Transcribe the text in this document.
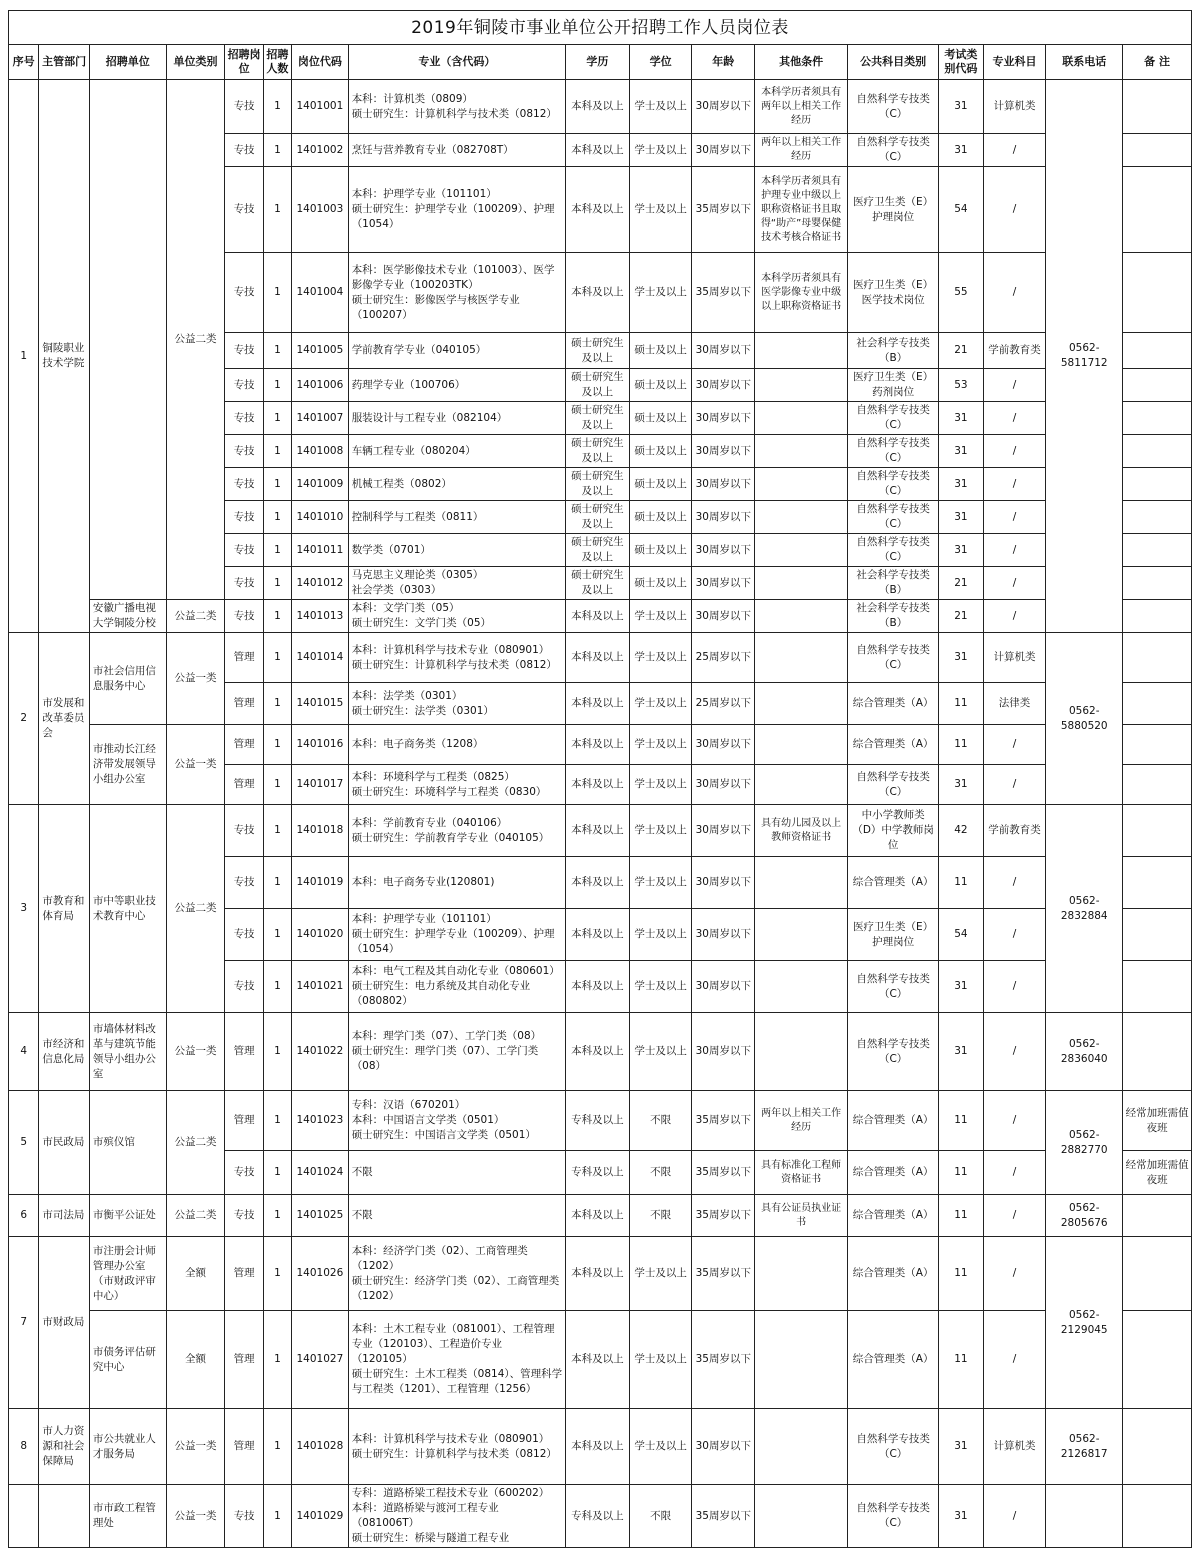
2019年铜陵市事业单位公开招聘工作人员岗位表
序号	主管部门	招聘单位	单位类别	招聘岗位	招聘人数	岗位代码	专业（含代码）	学历	学位	年龄	其他条件	公共科目类别	考试类别代码	专业科目	联系电话	备 注
1	铜陵职业技术学院		公益二类	专技	1	1401001	本科：计算机类（0809）
硕士研究生：计算机科学与技术类（0812）	本科及以上	学士及以上	30周岁以下	本科学历者须具有两年以上相关工作经历	自然科学专技类（C）	31	计算机类	0562-5811712	
				专技	1	1401002	烹饪与营养教育专业（082708T）	本科及以上	学士及以上	30周岁以下	两年以上相关工作经历	自然科学专技类（C）	31	/		
				专技	1	1401003	本科：护理学专业（101101）
硕士研究生：护理学专业（100209）、护理（1054）	本科及以上	学士及以上	35周岁以下	本科学历者须具有护理专业中级以上职称资格证书且取得“助产”母婴保健技术考核合格证书	医疗卫生类（E）护理岗位	54	/		
				专技	1	1401004	本科：医学影像技术专业（101003）、医学影像学专业（100203TK）
硕士研究生：影像医学与核医学专业（100207）	本科及以上	学士及以上	35周岁以下	本科学历者须具有医学影像专业中级以上职称资格证书	医疗卫生类（E）医学技术岗位	55	/		
				专技	1	1401005	学前教育学专业（040105）	硕士研究生及以上	硕士及以上	30周岁以下		社会科学专技类（B）	21	学前教育类		
				专技	1	1401006	药理学专业（100706）	硕士研究生及以上	硕士及以上	30周岁以下		医疗卫生类（E）药剂岗位	53	/		
				专技	1	1401007	服装设计与工程专业（082104）	硕士研究生及以上	硕士及以上	30周岁以下		自然科学专技类（C）	31	/		
				专技	1	1401008	车辆工程专业（080204）	硕士研究生及以上	硕士及以上	30周岁以下		自然科学专技类（C）	31	/		
				专技	1	1401009	机械工程类（0802）	硕士研究生及以上	硕士及以上	30周岁以下		自然科学专技类（C）	31	/		
				专技	1	1401010	控制科学与工程类（0811）	硕士研究生及以上	硕士及以上	30周岁以下		自然科学专技类（C）	31	/		
				专技	1	1401011	数学类（0701）	硕士研究生及以上	硕士及以上	30周岁以下		自然科学专技类（C）	31	/		
				专技	1	1401012	马克思主义理论类（0305）
社会学类（0303）	硕士研究生及以上	硕士及以上	30周岁以下		社会科学专技类（B）	21	/		
		安徽广播电视大学铜陵分校	公益二类	专技	1	1401013	本科：文学门类（05）
硕士研究生：文学门类（05）	本科及以上	学士及以上	30周岁以下		社会科学专技类（B）	21	/		
2	市发展和改革委员会	市社会信用信息服务中心	公益一类	管理	1	1401014	本科：计算机科学与技术专业（080901）
硕士研究生：计算机科学与技术类（0812）	本科及以上	学士及以上	25周岁以下		自然科学专技类（C）	31	计算机类	0562-5880520	
				管理	1	1401015	本科：法学类（0301）
硕士研究生：法学类（0301）	本科及以上	学士及以上	25周岁以下		综合管理类（A）	11	法律类		
		市推动长江经济带发展领导小组办公室	公益一类	管理	1	1401016	本科：电子商务类（1208）	本科及以上	学士及以上	30周岁以下		综合管理类（A）	11	/		
				管理	1	1401017	本科：环境科学与工程类（0825）
硕士研究生：环境科学与工程类（0830）	本科及以上	学士及以上	30周岁以下		自然科学专技类（C）	31	/		
3	市教育和体育局	市中等职业技术教育中心	公益二类	专技	1	1401018	本科：学前教育专业（040106）
硕士研究生：学前教育学专业（040105）	本科及以上	学士及以上	30周岁以下	具有幼儿园及以上教师资格证书	中小学教师类（D）中学教师岗位	42	学前教育类	0562-2832884	
				专技	1	1401019	本科：电子商务专业(120801)	本科及以上	学士及以上	30周岁以下		综合管理类（A）	11	/		
				专技	1	1401020	本科：护理学专业（101101）
硕士研究生：护理学专业（100209）、护理（1054）	本科及以上	学士及以上	30周岁以下		医疗卫生类（E）护理岗位	54	/		
				专技	1	1401021	本科：电气工程及其自动化专业（080601）
硕士研究生：电力系统及其自动化专业（080802）	本科及以上	学士及以上	30周岁以下		自然科学专技类（C）	31	/		
4	市经济和信息化局	市墙体材料改革与建筑节能领导小组办公室	公益一类	管理	1	1401022	本科：理学门类（07）、工学门类（08）
硕士研究生：理学门类（07）、工学门类（08）	本科及以上	学士及以上	30周岁以下		自然科学专技类（C）	31	/	0562-2836040	
5	市民政局	市殡仪馆	公益二类	管理	1	1401023	专科：汉语（670201）
本科：中国语言文学类（0501）
硕士研究生：中国语言文学类（0501）	专科及以上	不限	35周岁以下	两年以上相关工作经历	综合管理类（A）	11	/	0562-2882770	经常加班需值夜班
				专技	1	1401024	不限	专科及以上	不限	35周岁以下	具有标准化工程师资格证书	综合管理类（A）	11	/		经常加班需值夜班
6	市司法局	市衡平公证处	公益二类	专技	1	1401025	不限	本科及以上	不限	35周岁以下	具有公证员执业证书	综合管理类（A）	11	/	0562-2805676	
7	市财政局	市注册会计师管理办公室（市财政评审中心）	全额	管理	1	1401026	本科：经济学门类（02）、工商管理类（1202）
硕士研究生：经济学门类（02）、工商管理类（1202）	本科及以上	学士及以上	35周岁以下		综合管理类（A）	11	/	0562-2129045	
		市债务评估研究中心	全额	管理	1	1401027	本科：土木工程专业（081001）、工程管理专业（120103）、工程造价专业（120105）
硕士研究生：土木工程类（0814）、管理科学与工程类（1201）、工程管理（1256）	本科及以上	学士及以上	35周岁以下		综合管理类（A）	11	/		
8	市人力资源和社会保障局	市公共就业人才服务局	公益一类	管理	1	1401028	本科：计算机科学与技术专业（080901）
硕士研究生：计算机科学与技术类（0812）	本科及以上	学士及以上	30周岁以下		自然科学专技类（C）	31	计算机类	0562-2126817	
		市市政工程管理处	公益一类	专技	1	1401029	专科：道路桥梁工程技术专业（600202）
本科：道路桥梁与渡河工程专业（081006T）
硕士研究生：桥梁与隧道工程专业	专科及以上	不限	35周岁以下		自然科学专技类（C）	31	/		
